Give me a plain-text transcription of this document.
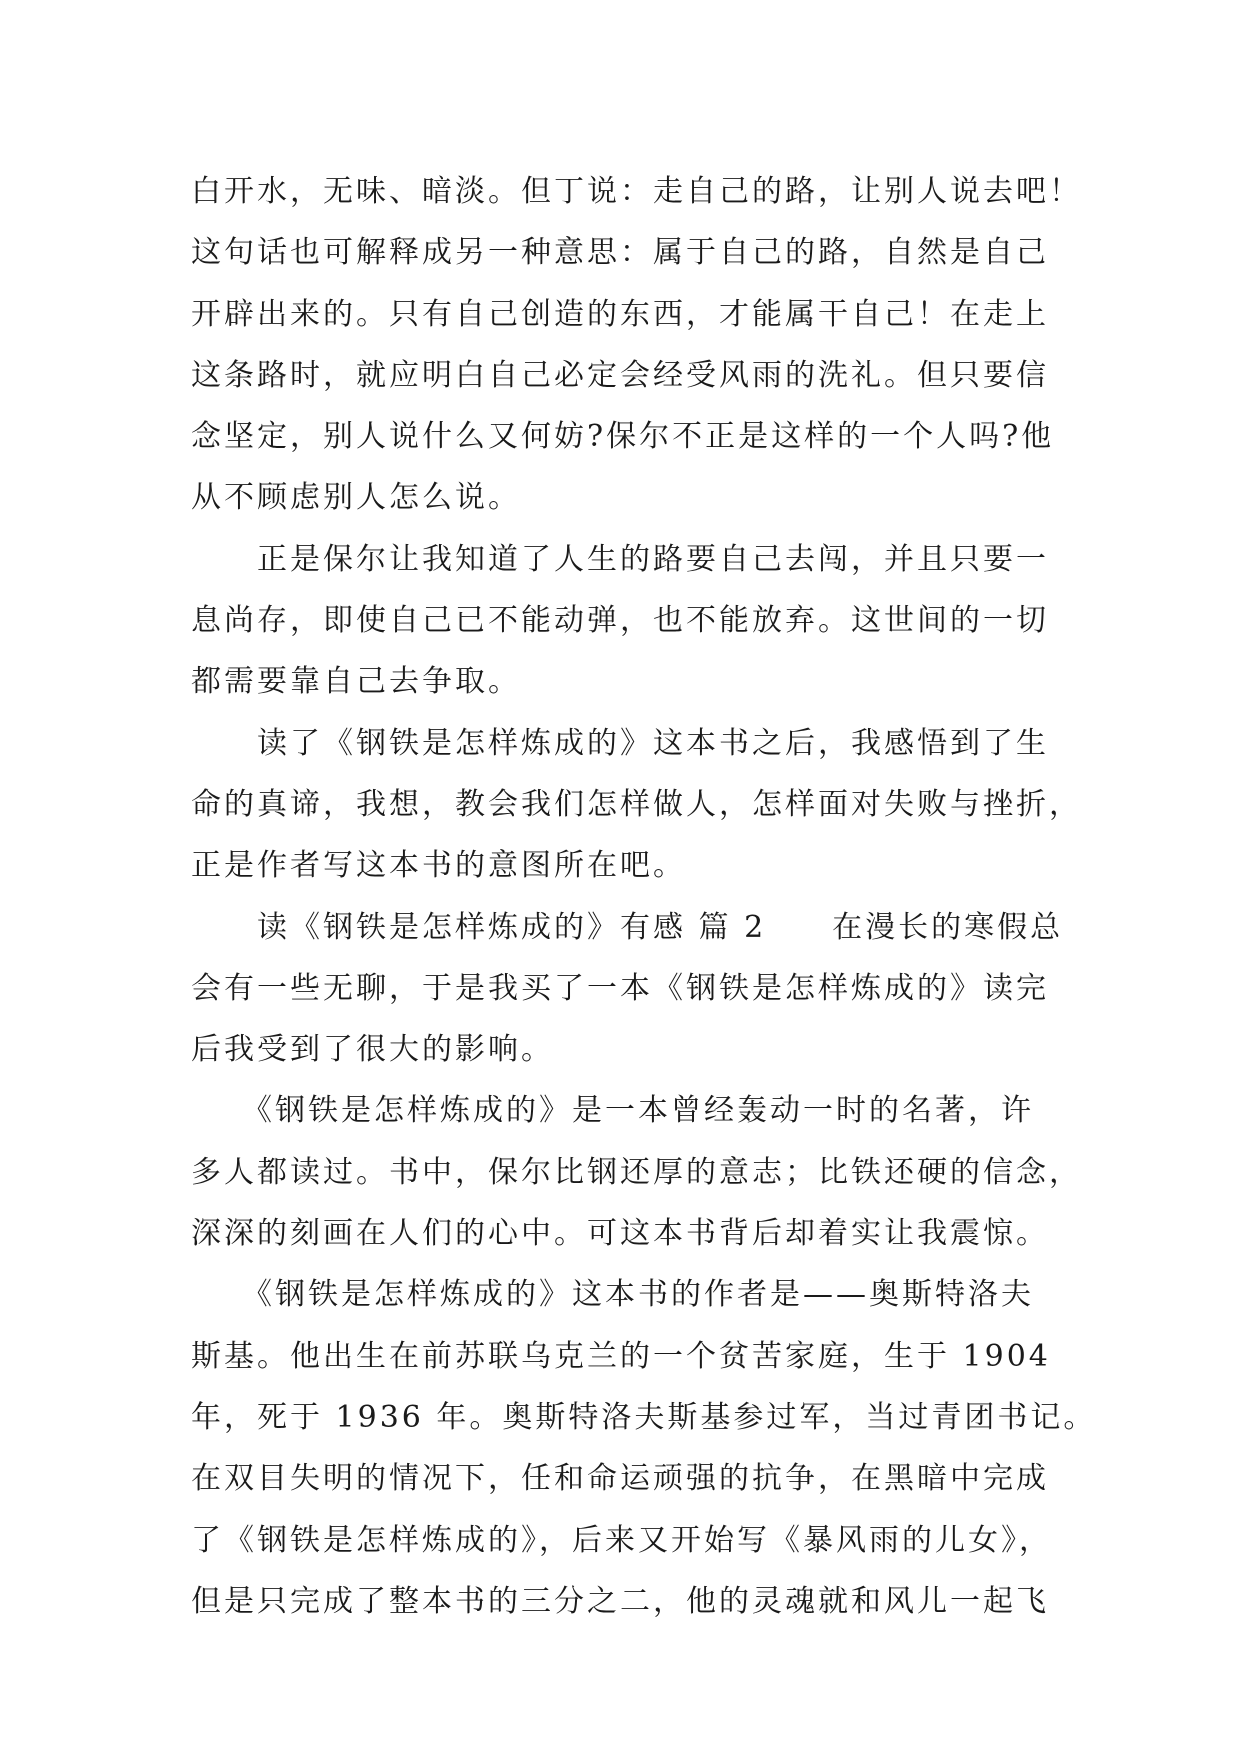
白开水，无味、暗淡。但丁说：走自己的路，让别人说去吧！
这句话也可解释成另一种意思：属于自己的路，自然是自己
开辟出来的。只有自己创造的东西，才能属干自己！在走上
这条路时，就应明白自己必定会经受风雨的洗礼。但只要信
念坚定，别人说什么又何妨?保尔不正是这样的一个人吗?他
从不顾虑别人怎么说。
　　正是保尔让我知道了人生的路要自己去闯，并且只要一
息尚存，即使自己已不能动弹，也不能放弃。这世间的一切
都需要靠自己去争取。
　　读了《钢铁是怎样炼成的》这本书之后，我感悟到了生
命的真谛，我想，教会我们怎样做人，怎样面对失败与挫折，
正是作者写这本书的意图所在吧。
　　读《钢铁是怎样炼成的》有感 篇 2　　在漫长的寒假总
会有一些无聊，于是我买了一本《钢铁是怎样炼成的》读完
后我受到了很大的影响。
　　《钢铁是怎样炼成的》是一本曾经轰动一时的名著，许
多人都读过。书中，保尔比钢还厚的意志；比铁还硬的信念，
深深的刻画在人们的心中。可这本书背后却着实让我震惊。
　　《钢铁是怎样炼成的》这本书的作者是——奥斯特洛夫
斯基。他出生在前苏联乌克兰的一个贫苦家庭，生于 1904
年，死于 1936 年。奥斯特洛夫斯基参过军，当过青团书记。
在双目失明的情况下，任和命运顽强的抗争，在黑暗中完成
了《钢铁是怎样炼成的》，后来又开始写《暴风雨的儿女》，
但是只完成了整本书的三分之二，他的灵魂就和风儿一起飞
